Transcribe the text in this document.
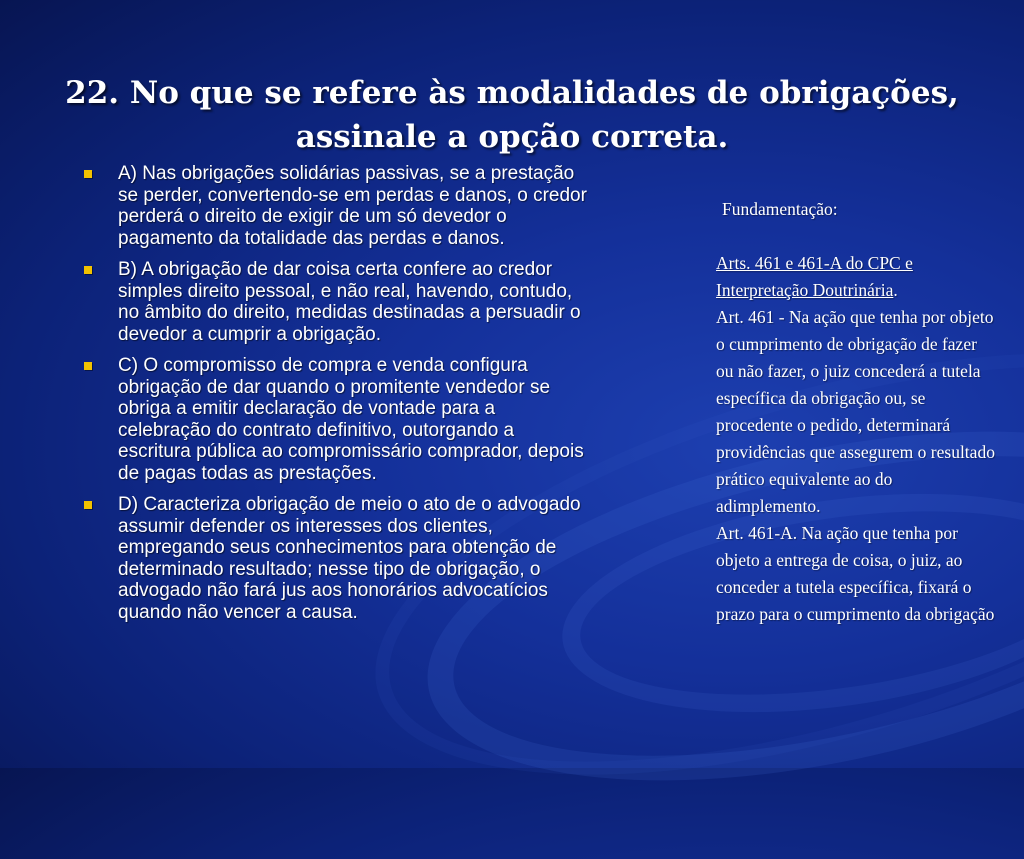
22. No que se refere às modalidades de obrigações, assinale a opção correta.
A) Nas obrigações solidárias passivas, se a prestação se perder, convertendo-se em perdas e danos, o credor perderá o direito de exigir de um só devedor o pagamento da totalidade das perdas e danos.
B) A obrigação de dar coisa certa confere ao credor simples direito pessoal, e não real, havendo, contudo, no âmbito do direito, medidas destinadas a persuadir o devedor a cumprir a obrigação.
C) O compromisso de compra e venda configura obrigação de dar quando o promitente vendedor se obriga a emitir declaração de vontade para a celebração do contrato definitivo, outorgando a escritura pública ao compromissário comprador, depois de pagas todas as prestações.
D) Caracteriza obrigação de meio o ato de o advogado assumir defender os interesses dos clientes, empregando seus conhecimentos para obtenção de determinado resultado; nesse tipo de obrigação, o advogado não fará jus aos honorários advocatícios quando não vencer a causa.
Fundamentação:
Arts. 461 e 461-A do CPC e Interpretação Doutrinária.
Art. 461 - Na ação que tenha por objeto o cumprimento de obrigação de fazer ou não fazer, o juiz concederá a tutela específica da obrigação ou, se procedente o pedido, determinará providências que assegurem o resultado prático equivalente ao do adimplemento.
Art. 461-A. Na ação que tenha por objeto a entrega de coisa, o juiz, ao conceder a tutela específica, fixará o prazo para o cumprimento da obrigação
